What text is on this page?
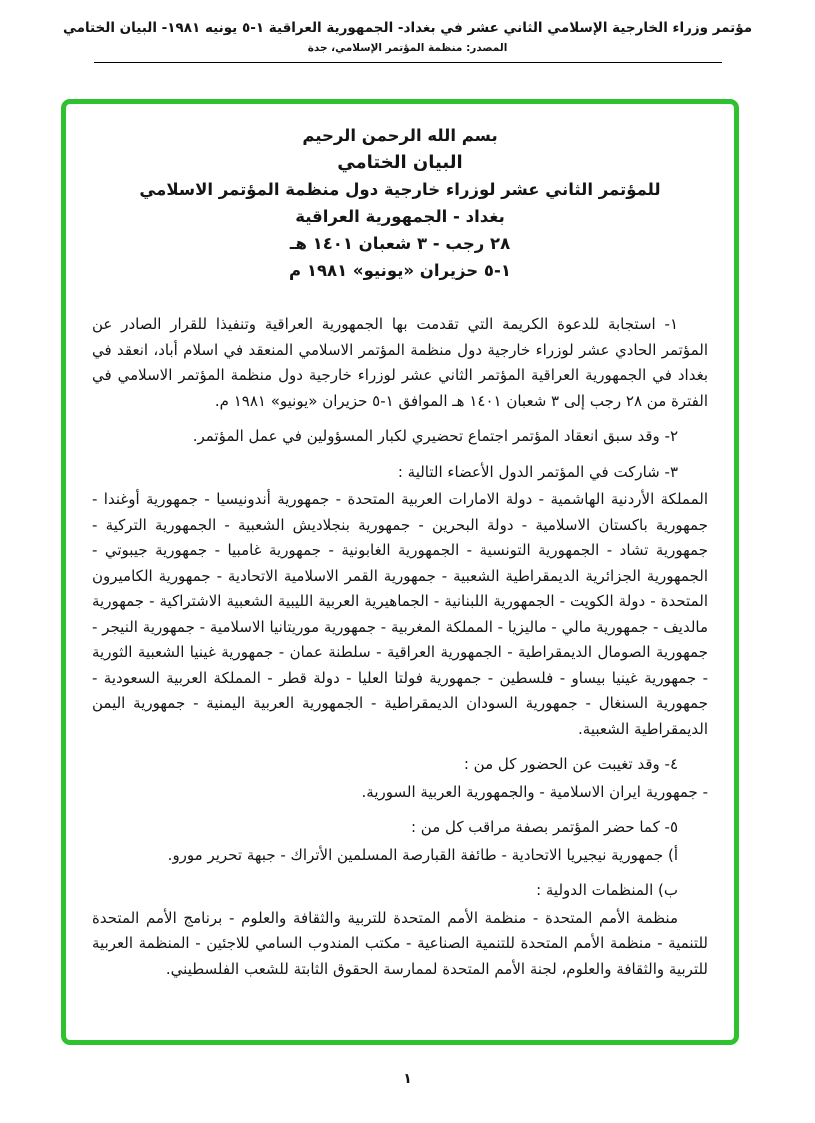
مؤتمر وزراء الخارجية الإسلامي الثاني عشر في بغداد- الجمهورية العراقية ١-٥ يونيه ١٩٨١- البيان الختامي
المصدر: منظمة المؤتمر الإسلامي، جدة
بسم الله الرحمن الرحيم
البيان الختامي
للمؤتمر الثاني عشر لوزراء خارجية دول منظمة المؤتمر الاسلامي
بغداد - الجمهورية العراقية
٢٨ رجب - ٣ شعبان ١٤٠١ هـ
١-٥ حزيران «يونيو» ١٩٨١ م

١- استجابة للدعوة الكريمة التي تقدمت بها الجمهورية العراقية وتنفيذا للقرار الصادر عن المؤتمر الحادي عشر لوزراء خارجية دول منظمة المؤتمر الاسلامي المنعقد في اسلام أباد، انعقد في بغداد في الجمهورية العراقية المؤتمر الثاني عشر لوزراء خارجية دول منظمة المؤتمر الاسلامي في الفترة من ٢٨ رجب إلى ٣ شعبان ١٤٠١ هـ الموافق ١-٥ حزيران «يونيو» ١٩٨١ م.

٢- وقد سبق انعقاد المؤتمر اجتماع تحضيري لكبار المسؤولين في عمل المؤتمر.

٣- شاركت في المؤتمر الدول الأعضاء التالية :

المملكة الأردنية الهاشمية - دولة الامارات العربية المتحدة - جمهورية أندونيسيا - جمهورية أوغندا - جمهورية باكستان الاسلامية - دولة البحرين - جمهورية بنجلاديش الشعبية - الجمهورية التركية - جمهورية تشاد - الجمهورية التونسية - الجمهورية الغابونية - جمهورية غامبيا - جمهورية جيبوتي - الجمهورية الجزائرية الديمقراطية الشعبية - جمهورية القمر الاسلامية الاتحادية - جمهورية الكاميرون المتحدة - دولة الكويت - الجمهورية اللبنانية - الجماهيرية العربية الليبية الشعبية الاشتراكية - جمهورية مالديف - جمهورية مالي - ماليزيا - المملكة المغربية - جمهورية موريتانيا الاسلامية - جمهورية النيجر - جمهورية الصومال الديمقراطية - الجمهورية العراقية - سلطنة عمان - جمهورية غينيا الشعبية الثورية - جمهورية غينيا بيساو - فلسطين - جمهورية فولتا العليا - دولة قطر - المملكة العربية السعودية - جمهورية السنغال - جمهورية السودان الديمقراطية - الجمهورية العربية اليمنية - جمهورية اليمن الديمقراطية الشعبية.

٤- وقد تغيبت عن الحضور كل من :

- جمهورية ايران الاسلامية - والجمهورية العربية السورية.

٥- كما حضر المؤتمر بصفة مراقب كل من :

أ) جمهورية نيجيريا الاتحادية - طائفة القبارصة المسلمين الأتراك - جبهة تحرير مورو.

ب) المنظمات الدولية :

منظمة الأمم المتحدة - منظمة الأمم المتحدة للتربية والثقافة والعلوم - برنامج الأمم المتحدة للتنمية - منظمة الأمم المتحدة للتنمية الصناعية - مكتب المندوب السامي للاجئين - المنظمة العربية للتربية والثقافة والعلوم، لجنة الأمم المتحدة لممارسة الحقوق الثابتة للشعب الفلسطيني.

١
